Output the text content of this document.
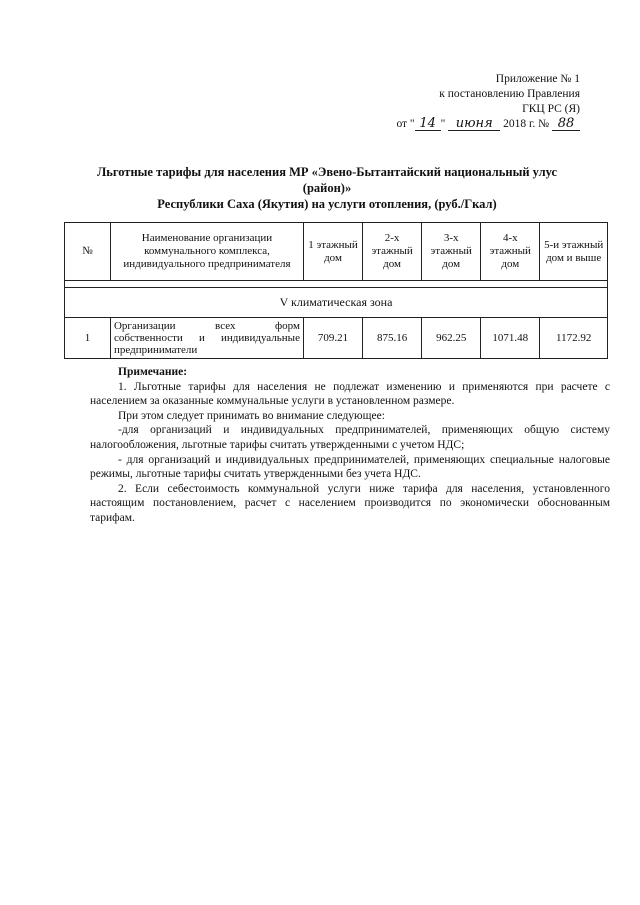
Приложение № 1
к постановлению Правления
ГКЦ РС (Я)
от " 14 " июня 2018 г. № 88
Льготные тарифы для населения МР «Эвено-Бытантайский национальный улус (район)»
Республики Саха (Якутия) на услуги отопления, (руб./Гкал)
№	Наименование организации коммунального комплекса, индивидуального предпринимателя	1 этажный дом	2-х этажный дом	3-х этажный дом	4-х этажный дом	5-и этажный дом и выше

V климатическая зона						
1	Организации всех форм
собственности и индивидуальные
предприниматели	709.21	875.16	962.25	1071.48	1172.92
Примечание:
1. Льготные тарифы для населения не подлежат изменению и применяются при расчете с населением за оказанные коммунальные услуги в установленном размере.
При этом следует принимать во внимание следующее:
-для организаций и индивидуальных предпринимателей, применяющих общую систему налогообложения, льготные тарифы считать утвержденными с учетом НДС;
- для организаций и индивидуальных предпринимателей, применяющих специальные налоговые режимы, льготные тарифы считать утвержденными без учета НДС.
2. Если себестоимость коммунальной услуги ниже тарифа для населения, установленного настоящим постановлением, расчет с населением производится по экономически обоснованным тарифам.
